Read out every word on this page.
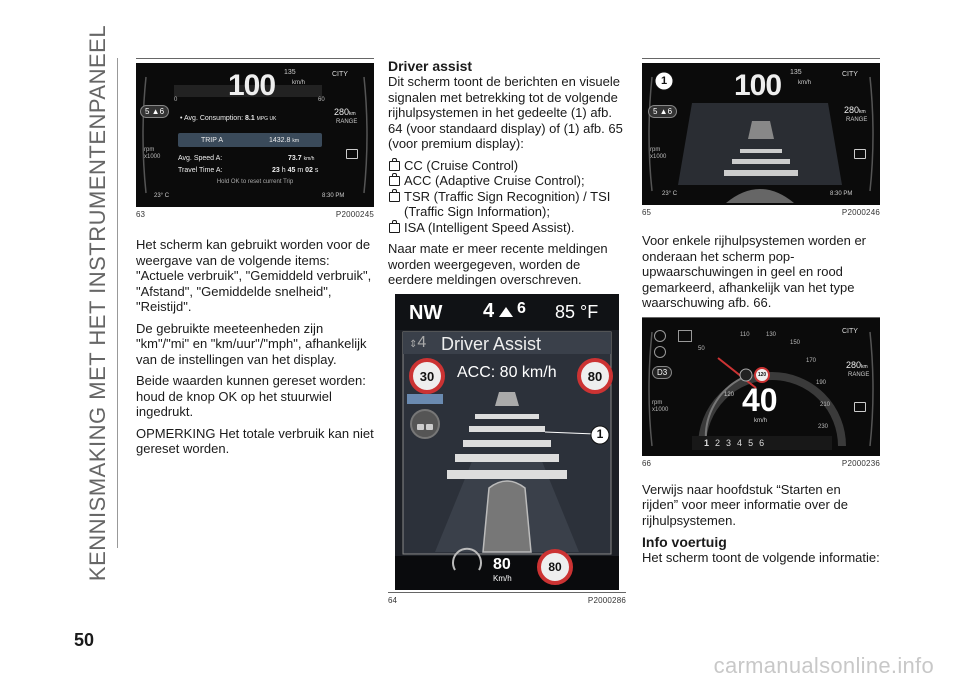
KENNISMAKING MET HET INSTRUMENTENPANEEL
50
carmanualsonline.info
100 135
km/h
CITY
5 ▲6
0	60
• Avg. Consumption: 8.1 MPG UK
280km
RANGE
TRIP A	1432.8 km
rpm
x1000	Avg. Speed A:	73.7 km/h
Travel Time A:	23 h 45 m 02 s
Hold OK to reset current Trip
23° C	8:30 PM
63	P2000245

Het scherm kan gebruikt worden voor de weergave van de volgende items: "Actuele verbruik", "Gemiddeld verbruik", "Afstand", "Gemiddelde snelheid", "Reistijd".

De gebruikte meeteenheden zijn "km"/"mi" en "km/uur"/"mph", afhankelijk van de instellingen van het display.

Beide waarden kunnen gereset worden: houd de knop OK op het stuurwiel ingedrukt.

OPMERKING Het totale verbruik kan niet gereset worden.

Driver assist

Dit scherm toont de berichten en visuele signalen met betrekking tot de volgende rijhulpsystemen in het gedeelte (1) afb. 64 (voor standaard display) of (1) afb. 65 (voor premium display):

CC (Cruise Control)
ACC (Adaptive Cruise Control);
TSR (Traffic Sign Recognition) / TSI (Traffic Sign Information);
ISA (Intelligent Speed Assist).

Naar mate er meer recente meldingen worden weergegeven, worden de eerdere meldingen overschreven.

NW 4 6 85 °F
⇕4 Driver Assist
ACC: 80 km/h
30	80
1
80
Km/h
80
64	P2000286
1 100 135
km/h
CITY
5 ▲6	280km
RANGE
rpm
x1000
23° C	8:30 PM
65	P2000246

Voor enkele rijhulpsystemen worden er onderaan het scherm pop-upwaarschuwingen in geel en rood gemarkeerd, afhankelijk van het type waarschuwing afb. 66.

CITY
D3
50
110	130
150
170
190
210
230
120
120 40
km/h
280km
RANGE
rpm
x1000
1 2 3 4 5 6
66	P2000236

Verwijs naar hoofdstuk “Starten en rijden” voor meer informatie over de rijhulpsystemen.

Info voertuig

Het scherm toont de volgende informatie:
